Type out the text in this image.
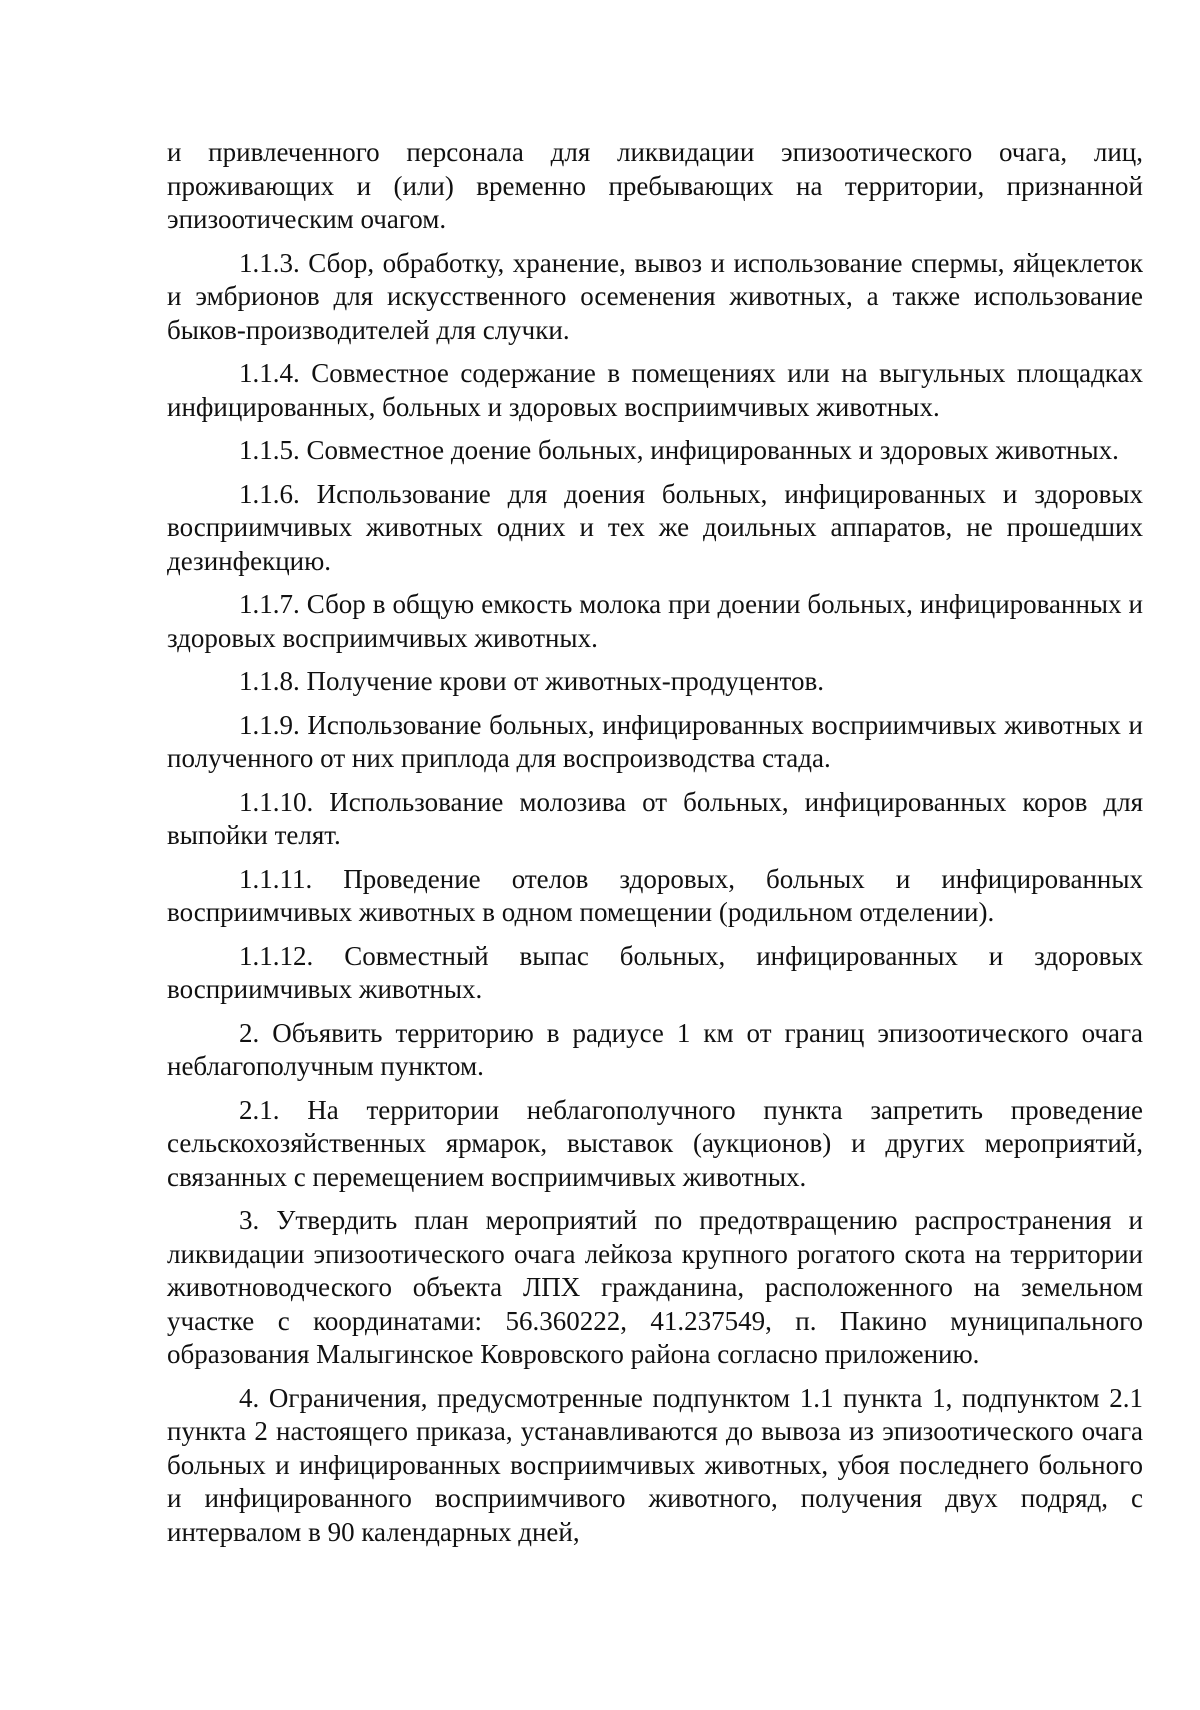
и привлеченного персонала для ликвидации эпизоотического очага, лиц, проживающих и (или) временно пребывающих на территории, признанной эпизоотическим очагом.

1.1.3. Сбор, обработку, хранение, вывоз и использование спермы, яйцеклеток и эмбрионов для искусственного осеменения животных, а также использование быков-производителей для случки.

1.1.4. Совместное содержание в помещениях или на выгульных площадках инфицированных, больных и здоровых восприимчивых животных.

1.1.5. Совместное доение больных, инфицированных и здоровых животных.

1.1.6. Использование для доения больных, инфицированных и здоровых восприимчивых животных одних и тех же доильных аппаратов, не прошедших дезинфекцию.

1.1.7. Сбор в общую емкость молока при доении больных, инфицированных и здоровых восприимчивых животных.

1.1.8. Получение крови от животных-продуцентов.

1.1.9. Использование больных, инфицированных восприимчивых животных и полученного от них приплода для воспроизводства стада.

1.1.10. Использование молозива от больных, инфицированных коров для выпойки телят.

1.1.11. Проведение отелов здоровых, больных и инфицированных восприимчивых животных в одном помещении (родильном отделении).

1.1.12. Совместный выпас больных, инфицированных и здоровых восприимчивых животных.

2. Объявить территорию в радиусе 1 км от границ эпизоотического очага неблагополучным пунктом.

2.1. На территории неблагополучного пункта запретить проведение сельскохозяйственных ярмарок, выставок (аукционов) и других мероприятий, связанных с перемещением восприимчивых животных.

3. Утвердить план мероприятий по предотвращению распространения и ликвидации эпизоотического очага лейкоза крупного рогатого скота на территории животноводческого объекта ЛПХ гражданина, расположенного на земельном участке с координатами: 56.360222, 41.237549, п. Пакино муниципального образования Малыгинское Ковровского района согласно приложению.

4. Ограничения, предусмотренные подпунктом 1.1 пункта 1, подпунктом 2.1 пункта 2 настоящего приказа, устанавливаются до вывоза из эпизоотического очага больных и инфицированных восприимчивых животных, убоя последнего больного и инфицированного восприимчивого животного, получения двух подряд, с интервалом в 90 календарных дней,
